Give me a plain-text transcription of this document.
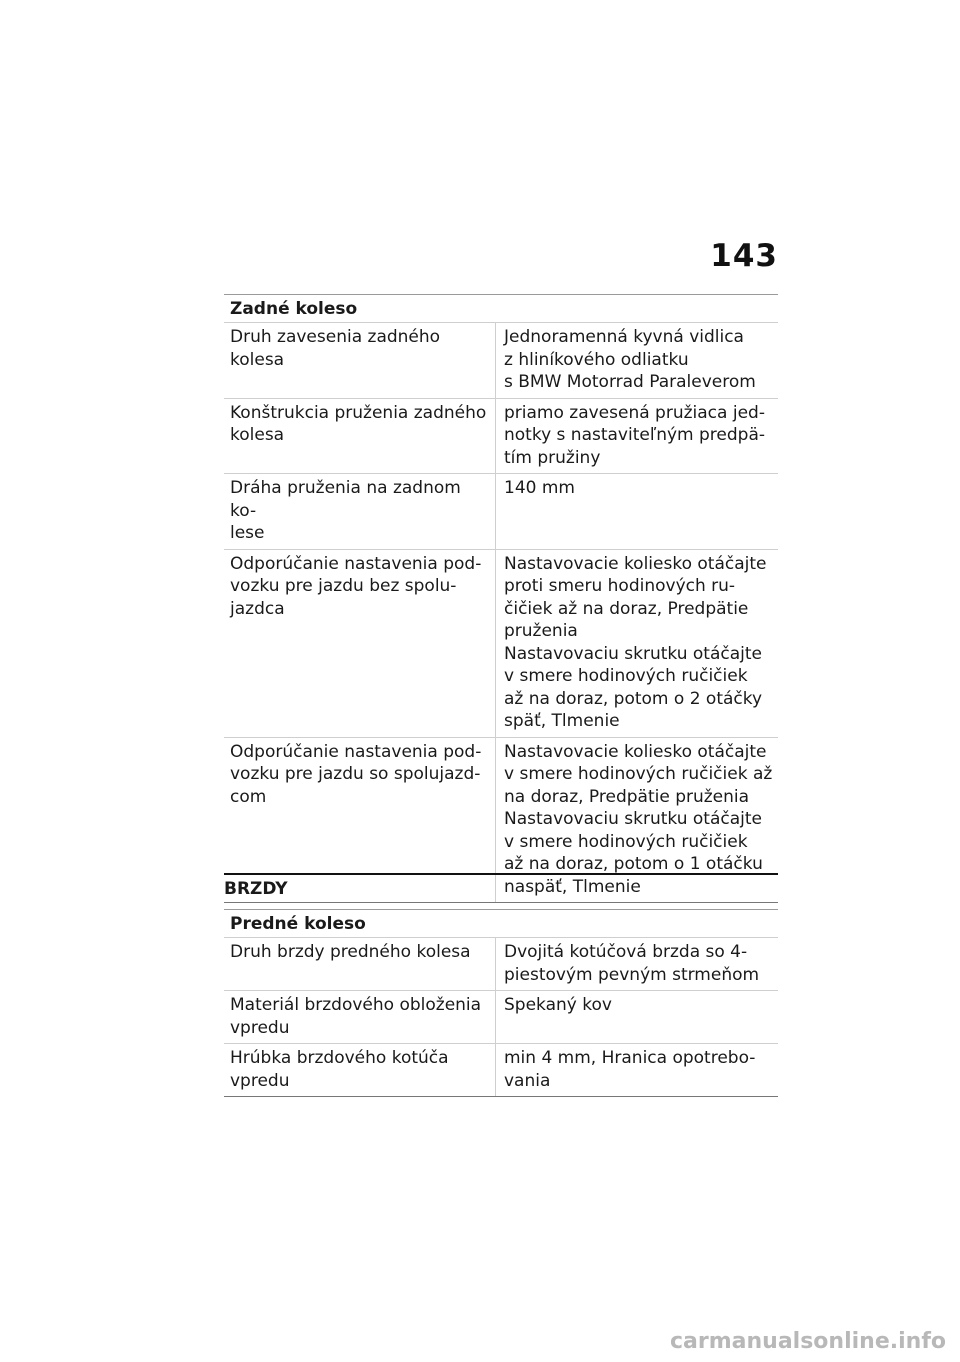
143
Zadné koleso
Druh zavesenia zadného kolesa
Jednoramenná kyvná vidlica
z hliníkového odliatku
s BMW Motorrad Paraleverom
Konštrukcia pruženia zadného
kolesa
priamo zavesená pružiaca jed-
notky s nastaviteľným predpä-
tím pružiny
Dráha pruženia na zadnom ko-
lese
140 mm
Odporúčanie nastavenia pod-
vozku pre jazdu bez spolu-
jazdca
Nastavovacie koliesko otáčajte
proti smeru hodinových ru-
čičiek až na doraz, Predpätie
pruženia
Nastavovaciu skrutku otáčajte
v smere hodinových ručičiek
až na doraz, potom o 2 otáčky
späť, Tlmenie
Odporúčanie nastavenia pod-
vozku pre jazdu so spolujazd-
com
Nastavovacie koliesko otáčajte
v smere hodinových ručičiek až
na doraz, Predpätie pruženia
Nastavovaciu skrutku otáčajte
v smere hodinových ručičiek
až na doraz, potom o 1 otáčku
naspäť, Tlmenie
BRZDY
Predné koleso
Druh brzdy predného kolesa	Dvojitá kotúčová brzda so 4-
piestovým pevným strmeňom
Materiál brzdového obloženia
vpredu
Spekaný kov
Hrúbka brzdového kotúča
vpredu
min 4 mm, Hranica opotrebo-
vania
carmanualsonline.info
